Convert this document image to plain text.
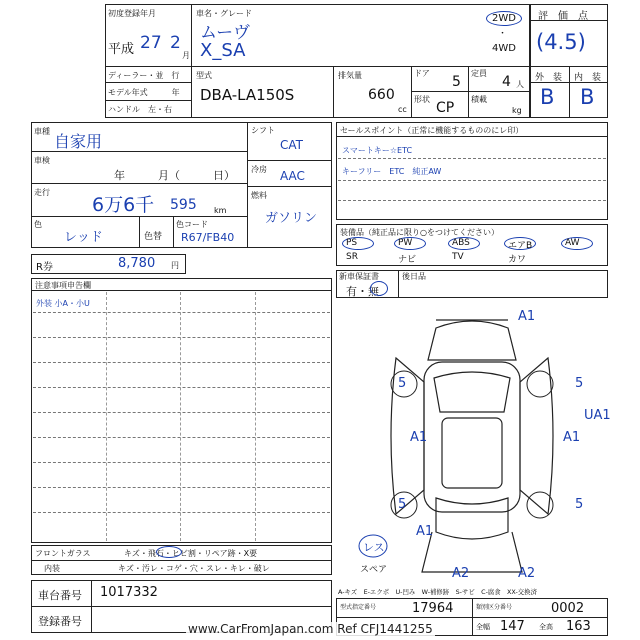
初度登録年月
平成 27 2
月
車名・グレード
ムーヴ
X_SA
2WD
・
4WD
ディーラー・並　行
モデル年式　　　年
ハンドル　左・右
型式
DBA-LA150S
排気量
660
cc
ドア
5
形状
CP
定員
4 人
積載
kg
評　価　点
(4.5)
外　装 内　装
B B
車種
自家用
車検
年　　　月（　　　日）
走行
6万6千 595 km
色
レッド	色替
色コード
R67/FB40
シフト
CAT
冷房 AAC
燃料
ガソリン
R券	8,780 円
注意事項申告欄
外装 小A・小U
フロントガラス	キズ・飛石・ヒビ割・リペア跡・X要
内装	キズ・汚レ・コゲ・穴・スレ・キレ・破レ
車台番号 1017332
登録番号
セールスポイント（正常に機能するもののにレ印）
スマートキー☆ETC
キーフリー　ETC　純正AW
装備品（純正品に限り○をつけてください）
PS	PW	ABS	エアB	AW
SR	ナビ	TV	カワ
新車保証書	後日品
有・無
A1
5	5
UA1
A1	A1
5	5
A1
A2	A2
レス
スペア
A-キズ　E-エクボ　U-凹み　W-補修跡　S-サビ　C-腐食　XX-交換済
型式指定番号	17964	類別区分番号	0002
全幅 147 全高 163
www.CarFromJapan.com Ref CFJ1441255
